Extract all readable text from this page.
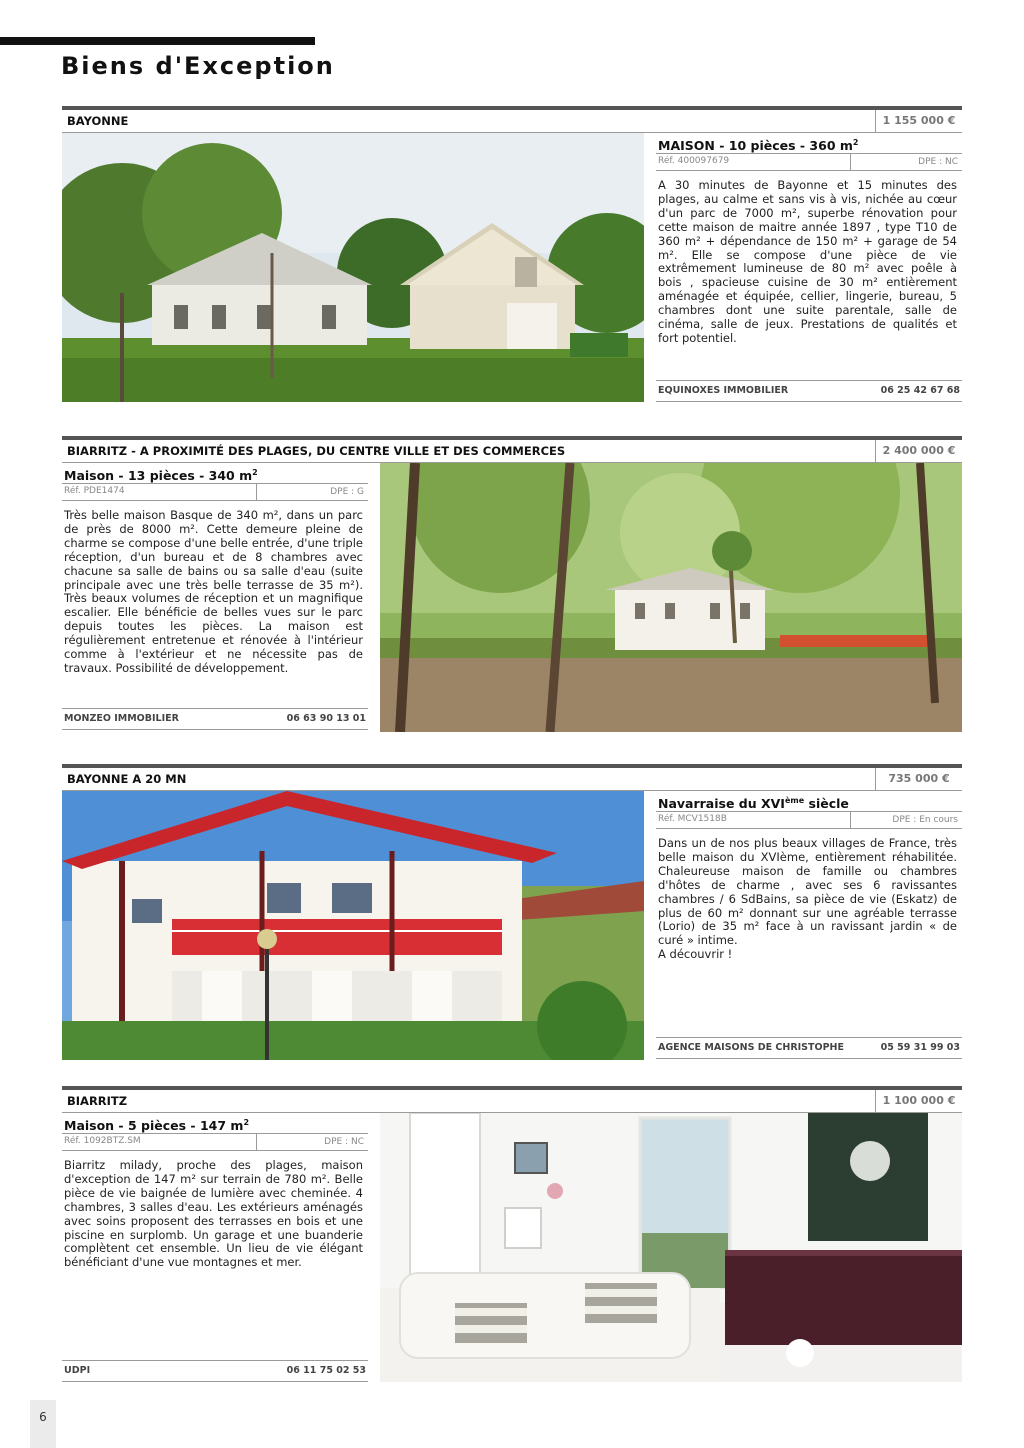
Biens d'Exception
BAYONNE	1 155 000 €
MAISON - 10 pièces - 360 $m^2$
Réf. 400097679	DPE : NC

A 30 minutes de Bayonne et 15 minutes des plages, au calme et sans vis à vis, nichée au cœur d'un parc de 7000 m², superbe rénovation pour cette maison de maitre année 1897 , type T10 de 360 m² + dépendance de 150 m² + garage de 54 m². Elle se compose d'une pièce de vie extrêmement lumineuse de 80 m² avec poêle à bois , spacieuse cuisine de 30 m² entièrement aménagée et équipée, cellier, lingerie, bureau, 5 chambres dont une suite parentale, salle de cinéma, salle de jeux. Prestations de qualités et fort potentiel.

EQUINOXES IMMOBILIER	06 25 42 67 68
BIARRITZ - A PROXIMITÉ DES PLAGES, DU CENTRE VILLE ET DES COMMERCES	2 400 000 €
Maison - 13 pièces - 340 $m^2$
Réf. PDE1474	DPE : G

Très belle maison Basque de 340 m², dans un parc de près de 8000 m². Cette demeure pleine de charme se compose d'une belle entrée, d'une triple réception, d'un bureau et de 8 chambres avec chacune sa salle de bains ou sa salle d'eau (suite principale avec une très belle terrasse de 35 m²). Très beaux volumes de réception et un magnifique escalier. Elle bénéficie de belles vues sur le parc depuis toutes les pièces. La maison est régulièrement entretenue et rénovée à l'intérieur comme à l'extérieur et ne nécessite pas de travaux. Possibilité de développement.

MONZEO IMMOBILIER	06 63 90 13 01
BAYONNE A 20 MN	735 000 €
Navarraise du XVIème siècle
Réf. MCV1518B	DPE : En cours

Dans un de nos plus beaux villages de France, très belle maison du XVIème, entièrement réhabilitée. Chaleureuse maison de famille ou chambres d'hôtes de charme , avec ses 6 ravissantes chambres / 6 SdBains, sa pièce de vie (Eskatz) de plus de 60 m² donnant sur une agréable terrasse (Lorio) de 35 m² face à un ravissant jardin « de curé » intime.
A découvrir !

AGENCE MAISONS DE CHRISTOPHE	05 59 31 99 03
BIARRITZ	1 100 000 €
Maison - 5 pièces - 147 $m^2$
Réf. 1092BTZ.SM	DPE : NC

Biarritz milady, proche des plages, maison d'exception de 147 m² sur terrain de 780 m². Belle pièce de vie baignée de lumière avec cheminée. 4 chambres, 3 salles d'eau. Les extérieurs aménagés avec soins proposent des terrasses en bois et une piscine en surplomb. Un garage et une buanderie complètent cet ensemble. Un lieu de vie élégant bénéficiant d'une vue montagnes et mer.

UDPI	06 11 75 02 53
6
